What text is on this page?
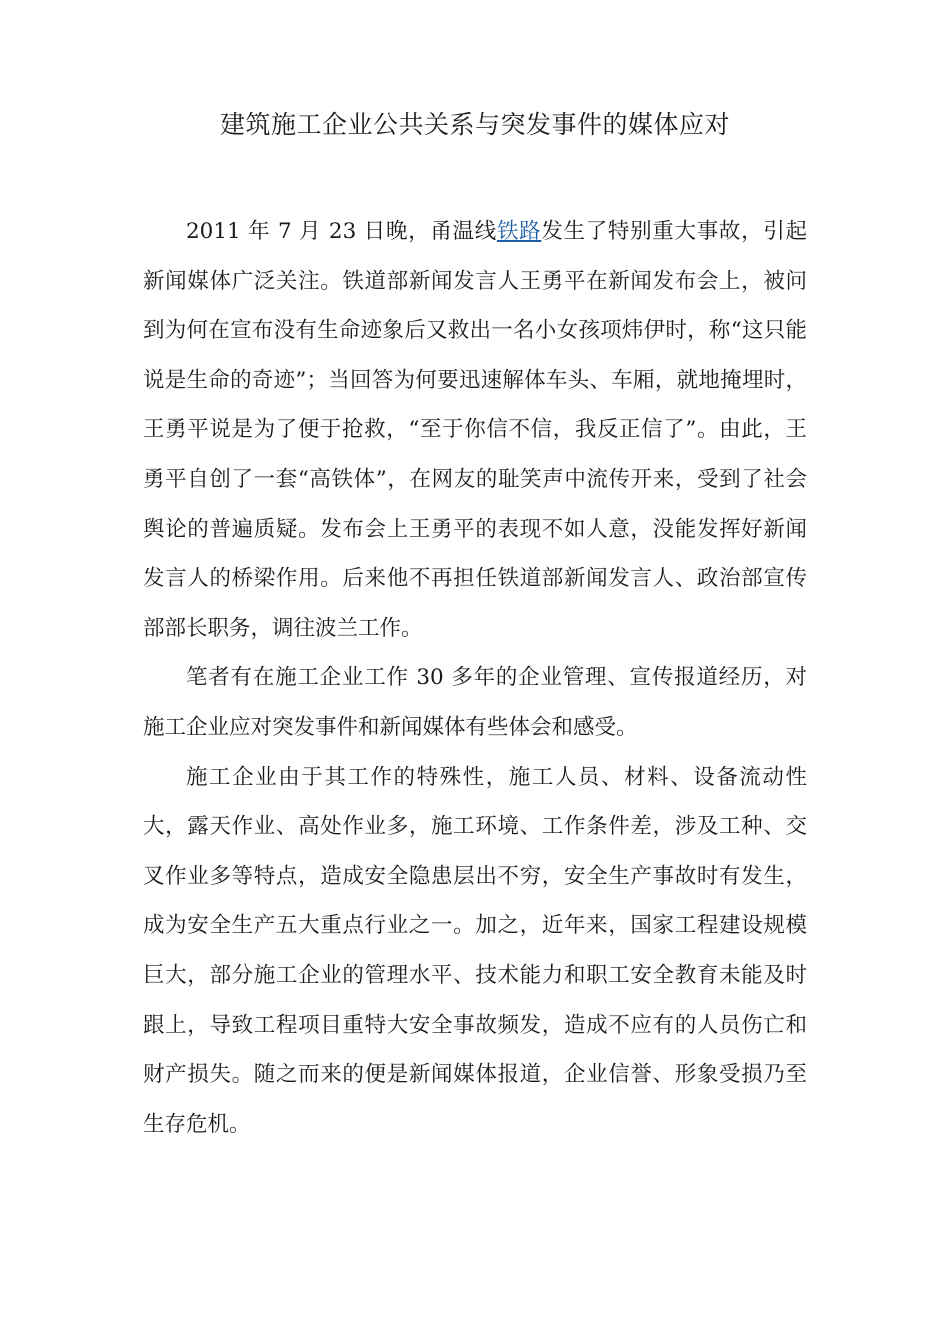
建筑施工企业公共关系与突发事件的媒体应对

2011 年 7 月 23 日晚，甬温线铁路发生了特别重大事故，引起新闻媒体广泛关注。铁道部新闻发言人王勇平在新闻发布会上，被问到为何在宣布没有生命迹象后又救出一名小女孩项炜伊时，称“这只能说是生命的奇迹”；当回答为何要迅速解体车头、车厢，就地掩埋时，王勇平说是为了便于抢救，“至于你信不信，我反正信了”。由此，王勇平自创了一套“高铁体”，在网友的耻笑声中流传开来，受到了社会舆论的普遍质疑。发布会上王勇平的表现不如人意，没能发挥好新闻发言人的桥梁作用。后来他不再担任铁道部新闻发言人、政治部宣传部部长职务，调往波兰工作。

笔者有在施工企业工作 30 多年的企业管理、宣传报道经历，对施工企业应对突发事件和新闻媒体有些体会和感受。

施工企业由于其工作的特殊性，施工人员、材料、设备流动性大，露天作业、高处作业多，施工环境、工作条件差，涉及工种、交叉作业多等特点，造成安全隐患层出不穷，安全生产事故时有发生，成为安全生产五大重点行业之一。加之，近年来，国家工程建设规模巨大，部分施工企业的管理水平、技术能力和职工安全教育未能及时跟上，导致工程项目重特大安全事故频发，造成不应有的人员伤亡和财产损失。随之而来的便是新闻媒体报道，企业信誉、形象受损乃至生存危机。
